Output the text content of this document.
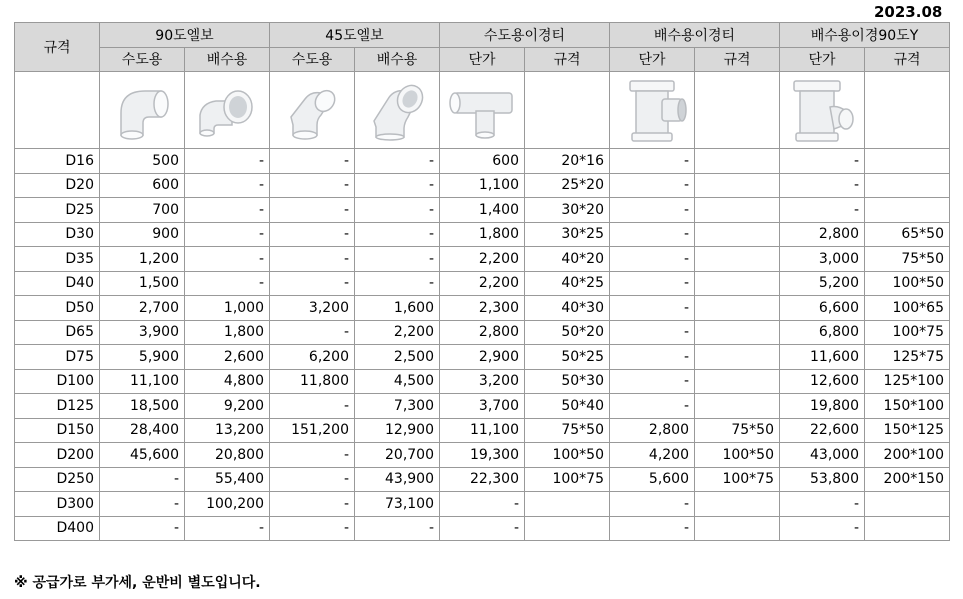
2023.08
규격	90도엘보		45도엘보		수도용이경티		배수용이경티		배수용이경90도Y	
	수도용	배수용	수도용	배수용	단가	규격	단가	규격	단가	규격

D16	500	-	-	-	600	20*16	-		-	
D20	600	-	-	-	1,100	25*20	-		-	
D25	700	-	-	-	1,400	30*20	-		-	
D30	900	-	-	-	1,800	30*25	-		2,800	65*50
D35	1,200	-	-	-	2,200	40*20	-		3,000	75*50
D40	1,500	-	-	-	2,200	40*25	-		5,200	100*50
D50	2,700	1,000	3,200	1,600	2,300	40*30	-		6,600	100*65
D65	3,900	1,800	-	2,200	2,800	50*20	-		6,800	100*75
D75	5,900	2,600	6,200	2,500	2,900	50*25	-		11,600	125*75
D100	11,100	4,800	11,800	4,500	3,200	50*30	-		12,600	125*100
D125	18,500	9,200	-	7,300	3,700	50*40	-		19,800	150*100
D150	28,400	13,200	151,200	12,900	11,100	75*50	2,800	75*50	22,600	150*125
D200	45,600	20,800	-	20,700	19,300	100*50	4,200	100*50	43,000	200*100
D250	-	55,400	-	43,900	22,300	100*75	5,600	100*75	53,800	200*150
D300	-	100,200	-	73,100	-		-		-	
D400	-	-	-	-	-		-		-	
※ 공급가로 부가세, 운반비 별도입니다.
